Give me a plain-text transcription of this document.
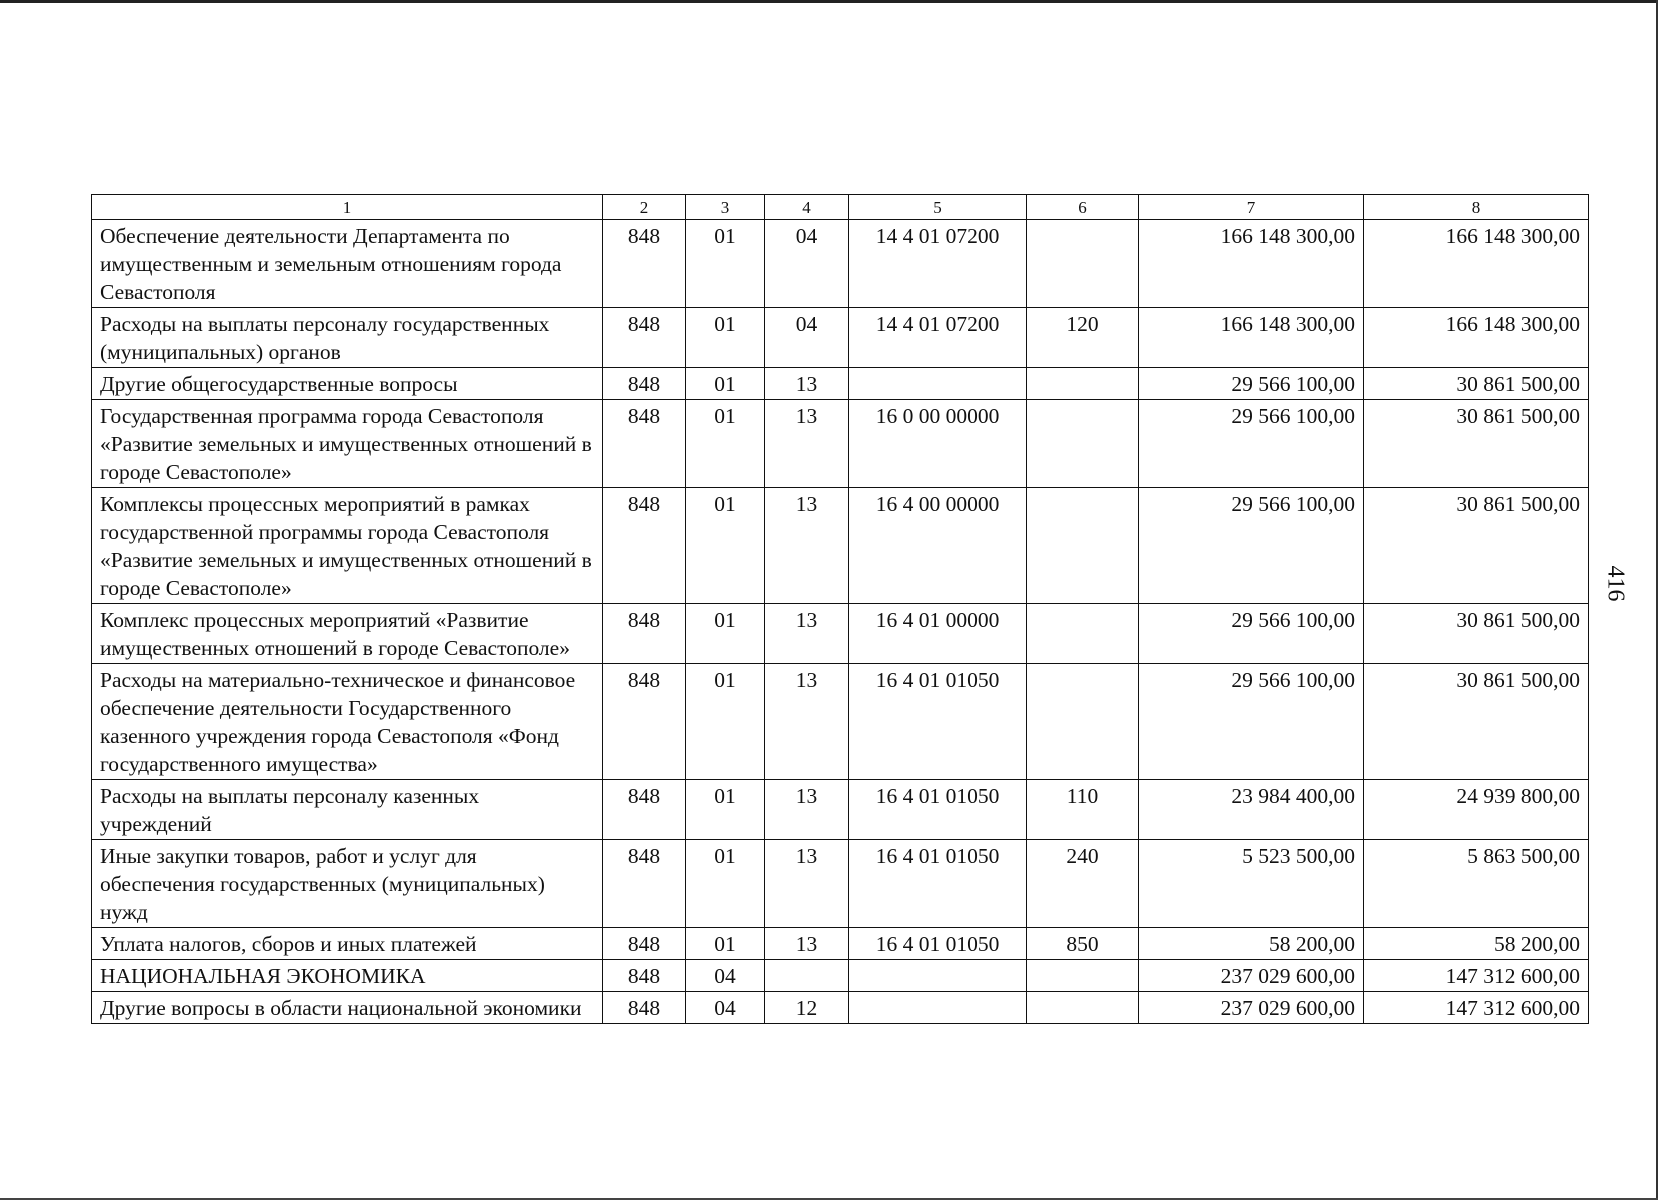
1	2	3	4	5	6	7	8
Обеспечение деятельности Департамента по имущественным и земельным отношениям города Севастополя	848	01	04	14 4 01 07200		166 148 300,00	166 148 300,00
Расходы на выплаты персоналу государственных (муниципальных) органов	848	01	04	14 4 01 07200	120	166 148 300,00	166 148 300,00
Другие общегосударственные вопросы	848	01	13			29 566 100,00	30 861 500,00
Государственная программа города Севастополя «Развитие земельных и имущественных отношений в городе Севастополе»	848	01	13	16 0 00 00000		29 566 100,00	30 861 500,00
Комплексы процессных мероприятий в рамках государственной программы города Севастополя «Развитие земельных и имущественных отношений в городе Севастополе»	848	01	13	16 4 00 00000		29 566 100,00	30 861 500,00
Комплекс процессных мероприятий «Развитие имущественных отношений в городе Севастополе»	848	01	13	16 4 01 00000		29 566 100,00	30 861 500,00
Расходы на материально-техническое и финансовое обеспечение деятельности Государственного казенного учреждения города Севастополя «Фонд государственного имущества»	848	01	13	16 4 01 01050		29 566 100,00	30 861 500,00
Расходы на выплаты персоналу казенных учреждений	848	01	13	16 4 01 01050	110	23 984 400,00	24 939 800,00
Иные закупки товаров, работ и услуг для обеспечения государственных (муниципальных) нужд	848	01	13	16 4 01 01050	240	5 523 500,00	5 863 500,00
Уплата налогов, сборов и иных платежей	848	01	13	16 4 01 01050	850	58 200,00	58 200,00
НАЦИОНАЛЬНАЯ ЭКОНОМИКА	848	04				237 029 600,00	147 312 600,00
Другие вопросы в области национальной экономики	848	04	12			237 029 600,00	147 312 600,00
416
